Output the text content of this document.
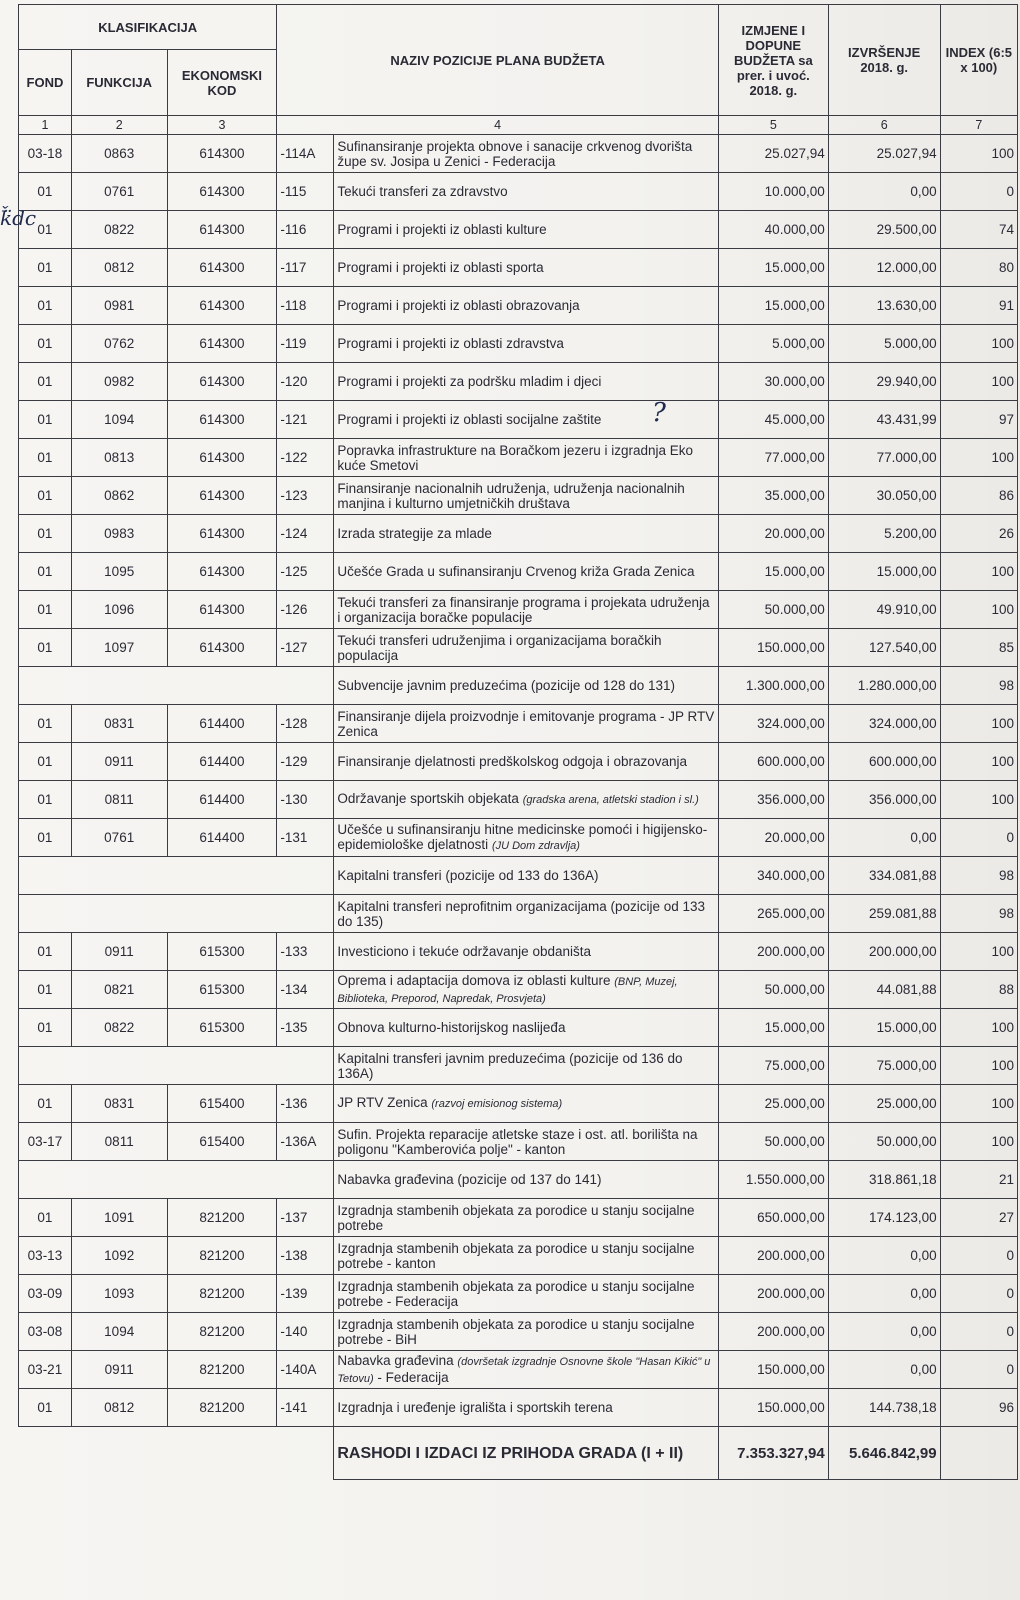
KLASIFIKACIJA			NAZIV POZICIJE PLANA BUDŽETA		IZMJENE I DOPUNE BUDŽETA sa prer. i uvoć. 2018. g.	IZVRŠENJE 2018. g.	INDEX (6:5 x 100)
FOND	FUNKCIJA	EKONOMSKI KOD					
1	2	3	4		5	6	7
03-18	0863	614300	-114A	Sufinansiranje projekta obnove i sanacije crkvenog dvorišta župe sv. Josipa u Zenici - Federacija	25.027,94	25.027,94	100
01	0761	614300	-115	Tekući transferi za zdravstvo	10.000,00	0,00	0
01	0822	614300	-116	Programi i projekti iz oblasti kulture	40.000,00	29.500,00	74
01	0812	614300	-117	Programi i projekti iz oblasti sporta	15.000,00	12.000,00	80
01	0981	614300	-118	Programi i projekti iz oblasti obrazovanja	15.000,00	13.630,00	91
01	0762	614300	-119	Programi i projekti iz oblasti zdravstva	5.000,00	5.000,00	100
01	0982	614300	-120	Programi i projekti za podršku mladim i djeci	30.000,00	29.940,00	100
01	1094	614300	-121	Programi i projekti iz oblasti socijalne zaštite	45.000,00	43.431,99	97
01	0813	614300	-122	Popravka infrastrukture na Boračkom jezeru i izgradnja Eko kuće Smetovi	77.000,00	77.000,00	100
01	0862	614300	-123	Finansiranje nacionalnih udruženja, udruženja nacionalnih manjina i kulturno umjetničkih društava	35.000,00	30.050,00	86
01	0983	614300	-124	Izrada strategije za mlade	20.000,00	5.200,00	26
01	1095	614300	-125	Učešće Grada u sufinansiranju Crvenog križa Grada Zenica	15.000,00	15.000,00	100
01	1096	614300	-126	Tekući transferi za finansiranje programa i projekata udruženja i organizacija boračke populacije	50.000,00	49.910,00	100
01	1097	614300	-127	Tekući transferi udruženjima i organizacijama boračkih populacija	150.000,00	127.540,00	85
				Subvencije javnim preduzećima (pozicije od 128 do 131)	1.300.000,00	1.280.000,00	98
01	0831	614400	-128	Finansiranje dijela proizvodnje i emitovanje programa - JP RTV Zenica	324.000,00	324.000,00	100
01	0911	614400	-129	Finansiranje djelatnosti predškolskog odgoja i obrazovanja	600.000,00	600.000,00	100
01	0811	614400	-130	Održavanje sportskih objekata (gradska arena, atletski stadion i sl.)	356.000,00	356.000,00	100
01	0761	614400	-131	Učešće u sufinansiranju hitne medicinske pomoći i higijensko-epidemiološke djelatnosti (JU Dom zdravlja)	20.000,00	0,00	0
				Kapitalni transferi (pozicije od 133 do 136A)	340.000,00	334.081,88	98
				Kapitalni transferi neprofitnim organizacijama (pozicije od 133 do 135)	265.000,00	259.081,88	98
01	0911	615300	-133	Investiciono i tekuće održavanje obdaništa	200.000,00	200.000,00	100
01	0821	615300	-134	Oprema i adaptacija domova iz oblasti kulture (BNP, Muzej, Biblioteka, Preporod, Napredak, Prosvjeta)	50.000,00	44.081,88	88
01	0822	615300	-135	Obnova kulturno-historijskog naslijeđa	15.000,00	15.000,00	100
				Kapitalni transferi javnim preduzećima (pozicije od 136 do 136A)	75.000,00	75.000,00	100
01	0831	615400	-136	JP RTV Zenica (razvoj emisionog sistema)	25.000,00	25.000,00	100
03-17	0811	615400	-136A	Sufin. Projekta reparacije atletske staze i ost. atl. borilišta na poligonu "Kamberovića polje" - kanton	50.000,00	50.000,00	100
				Nabavka građevina (pozicije od 137 do 141)	1.550.000,00	318.861,18	21
01	1091	821200	-137	Izgradnja stambenih objekata za porodice u stanju socijalne potrebe	650.000,00	174.123,00	27
03-13	1092	821200	-138	Izgradnja stambenih objekata za porodice u stanju socijalne potrebe - kanton	200.000,00	0,00	0
03-09	1093	821200	-139	Izgradnja stambenih objekata za porodice u stanju socijalne potrebe - Federacija	200.000,00	0,00	0
03-08	1094	821200	-140	Izgradnja stambenih objekata za porodice u stanju socijalne potrebe - BiH	200.000,00	0,00	0
03-21	0911	821200	-140A	Nabavka građevina (dovršetak izgradnje Osnovne škole "Hasan Kikić" u Tetovu) - Federacija	150.000,00	0,00	0
01	0812	821200	-141	Izgradnja i uređenje igrališta i sportskih terena	150.000,00	144.738,18	96
				RASHODI I IZDACI IZ PRIHODA GRADA (I + II)	7.353.327,94	5.646.842,99	
ǩ̈dc
?
